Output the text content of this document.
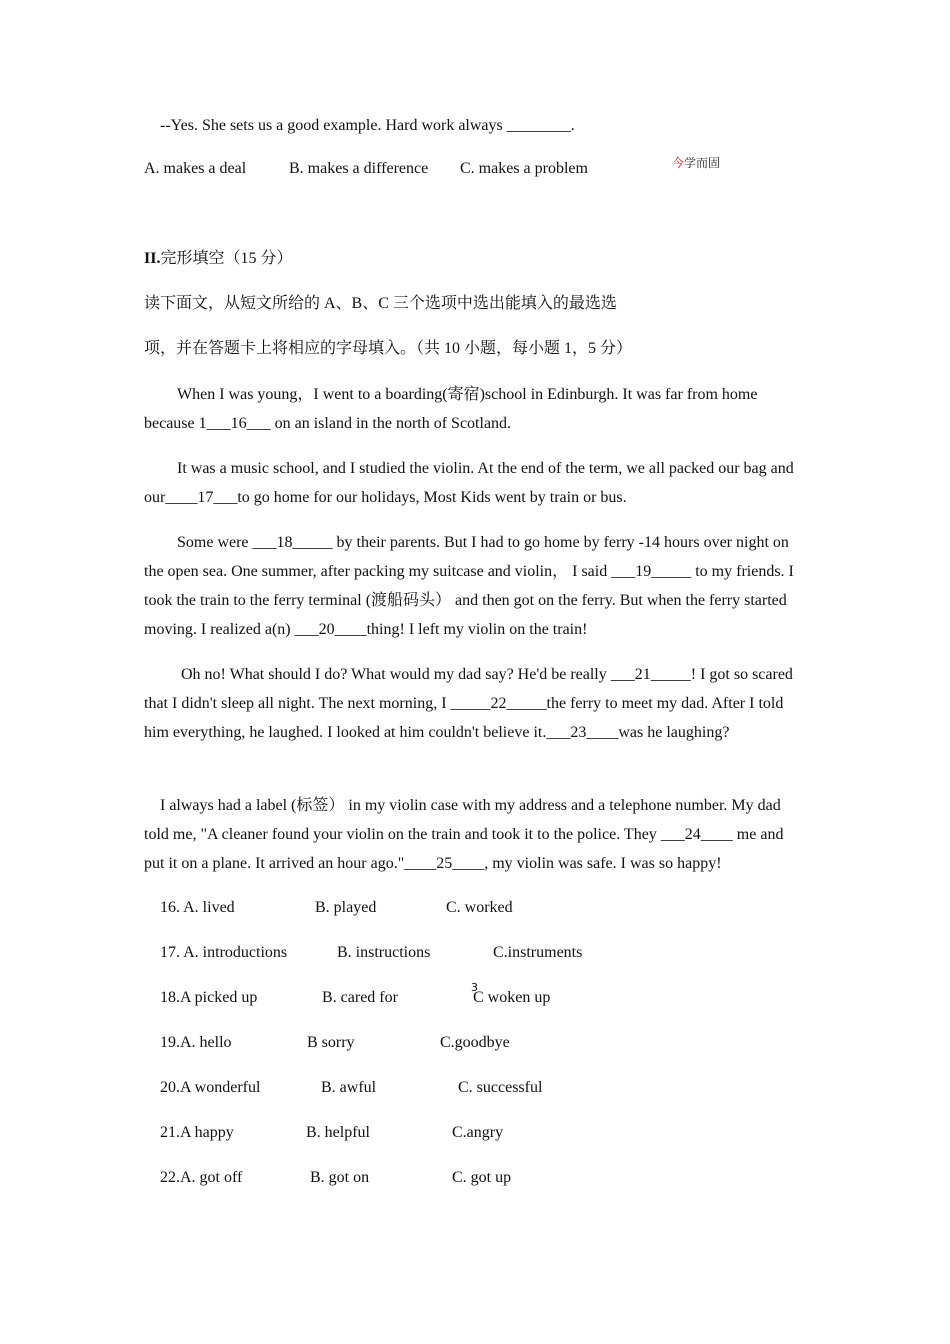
--Yes. She sets us a good example. Hard work always ________.
A. makes a deal	B. makes a difference C. makes a problem	今学而固
II.完形填空（15 分）
读下面文，从短文所给的 A、B、C 三个选项中选出能填入的最选选
项，并在答题卡上将相应的字母填入。（共 10 小题，每小题 1，5 分）

When I was young，I went to a boarding(寄宿)school in Edinburgh. It was far from home because 1___16___ on an island in the north of Scotland.

It was a music school, and I studied the violin. At the end of the term, we all packed our bag and our____17___to go home for our holidays, Most Kids went by train or bus.

Some were ___18_____ by their parents. But I had to go home by ferry -14 hours over night on the open sea. One summer, after packing my suitcase and violin， I said ___19_____ to my friends. I took the train to the ferry terminal (渡船码头） and then got on the ferry. But when the ferry started moving. I realized a(n) ___20____thing! I left my violin on the train!

Oh no! What should I do? What would my dad say? He'd be really ___21_____! I got so scared that I didn't sleep all night. The next morning, I _____22_____the ferry to meet my dad. After I told him everything, he laughed. I looked at him couldn't believe it.___23____was he laughing?

I always had a label (标签） in my violin case with my address and a telephone number. My dad told me, "A cleaner found your violin on the train and took it to the police. They ___24____ me and put it on a plane. It arrived an hour ago."____25____, my violin was safe. I was so happy!

16. A. lived	B. played	C. worked
17. A. introductions	B. instructions	C.instruments
18.A picked up	B. cared for	C woken up
3
19.A. hello	B sorry	C.goodbye
20.A wonderful	B. awful	C. successful
21.A happy	B. helpful	C.angry
22.A. got off	B. got on	C. got up
